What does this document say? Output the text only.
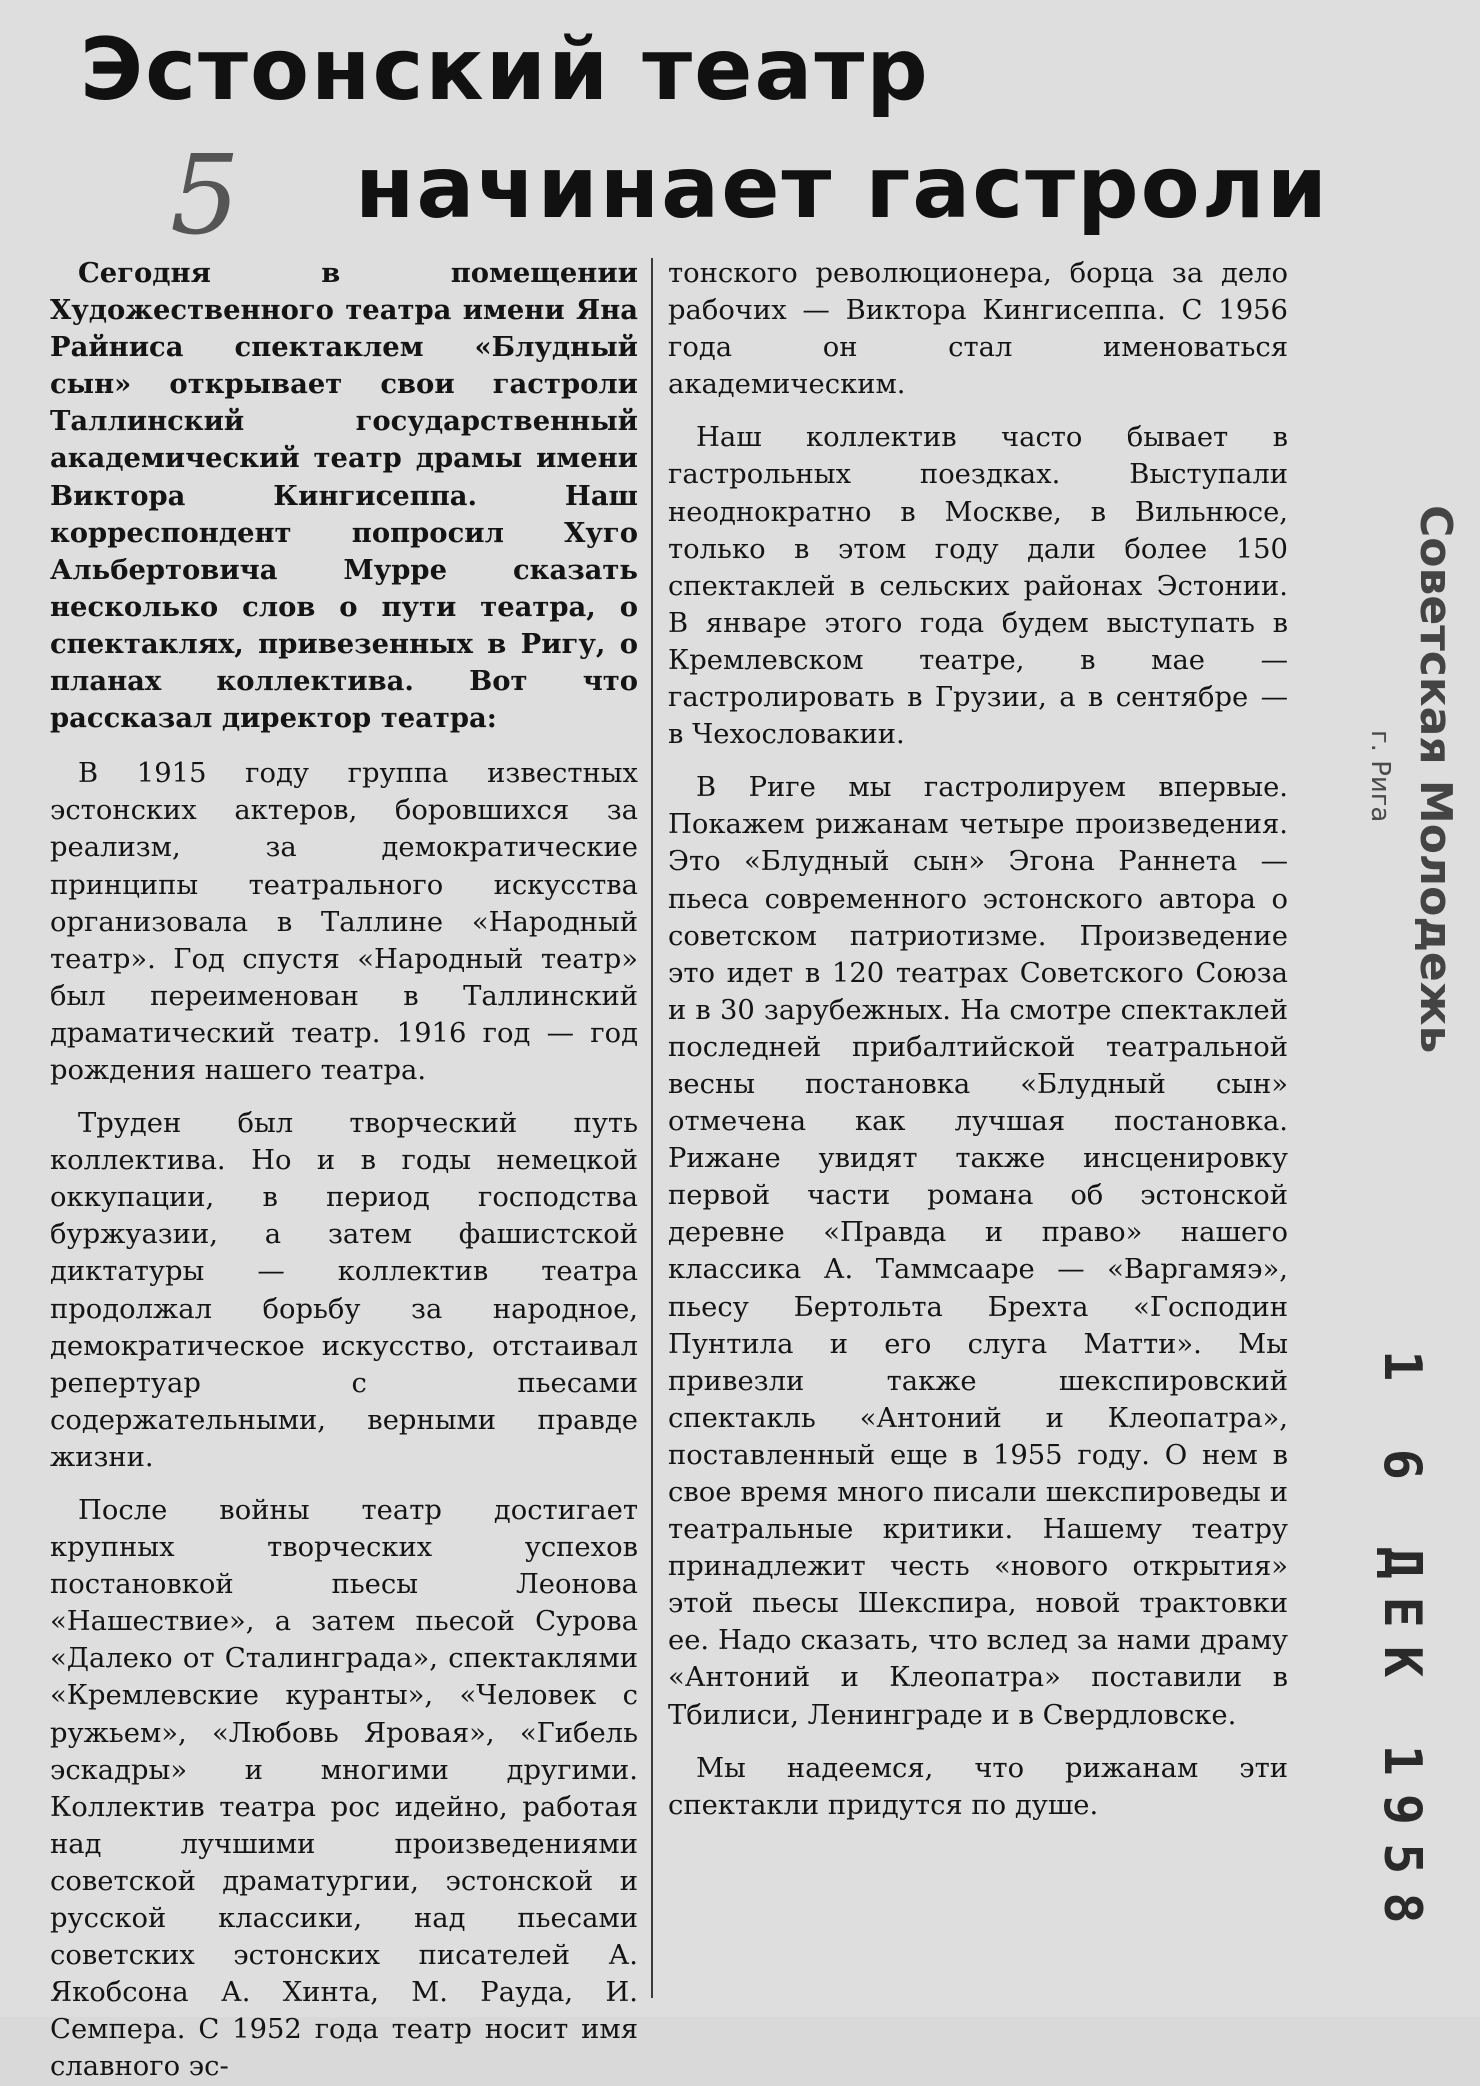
Эстонский театр
начинает гастроли
5

Сегодня в помещении Художественного театра имени Яна Райниса спектаклем «Блудный сын» открывает свои гастроли Таллинский государственный академический театр драмы имени Виктора Кингисеппа. Наш корреспондент попросил Хуго Альбертовича Мурре сказать несколько слов о пути театра, о спектаклях, привезенных в Ригу, о планах коллектива. Вот что рассказал директор театра:

В 1915 году группа известных эстонских актеров, боровшихся за реализм, за демократические принципы театрального искусства организовала в Таллине «Народный театр». Год спустя «Народный театр» был переименован в Таллинский драматический театр. 1916 год — год рождения нашего театра.

Труден был творческий путь коллектива. Но и в годы немецкой оккупации, в период господства буржуазии, а затем фашистской диктатуры — коллектив театра продолжал борьбу за народное, демократическое искусство, отстаивал репертуар с пьесами содержательными, верными правде жизни.

После войны театр достигает крупных творческих успехов постановкой пьесы Леонова «Нашествие», а затем пьесой Сурова «Далеко от Сталинграда», спектаклями «Кремлевские куранты», «Человек с ружьем», «Любовь Яровая», «Гибель эскадры» и многими другими. Коллектив театра рос идейно, работая над лучшими произведениями советской драматургии, эстонской и русской классики, над пьесами советских эстонских писателей А. Якобсона А. Хинта, М. Рауда, И. Семпера. С 1952 года театр носит имя славного эс-

тонского революционера, борца за дело рабочих — Виктора Кингисеппа. С 1956 года он стал именоваться академическим.

Наш коллектив часто бывает в гастрольных поездках. Выступали неоднократно в Москве, в Вильнюсе, только в этом году дали более 150 спектаклей в сельских районах Эстонии. В январе этого года будем выступать в Кремлевском театре, в мае — гастролировать в Грузии, а в сентябре — в Чехословакии.

В Риге мы гастролируем впервые. Покажем рижанам четыре произведения. Это «Блудный сын» Эгона Раннета — пьеса современного эстонского автора о советском патриотизме. Произведение это идет в 120 театрах Советского Союза и в 30 зарубежных. На смотре спектаклей последней прибалтийской театральной весны постановка «Блудный сын» отмечена как лучшая постановка. Рижане увидят также инсценировку первой части романа об эстонской деревне «Правда и право» нашего классика А. Таммсааре — «Варгамяэ», пьесу Бертольта Брехта «Господин Пунтила и его слуга Матти». Мы привезли также шекспировский спектакль «Антоний и Клеопатра», поставленный еще в 1955 году. О нем в свое время много писали шекспироведы и театральные критики. Нашему театру принадлежит честь «нового открытия» этой пьесы Шекспира, новой трактовки ее. Надо сказать, что вслед за нами драму «Антоний и Клеопатра» поставили в Тбилиси, Ленинграде и в Свердловске.

Мы надеемся, что рижанам эти спектакли придутся по душе.

Советская Молодежь

г. Рига

1 6 ДЕК 1958
